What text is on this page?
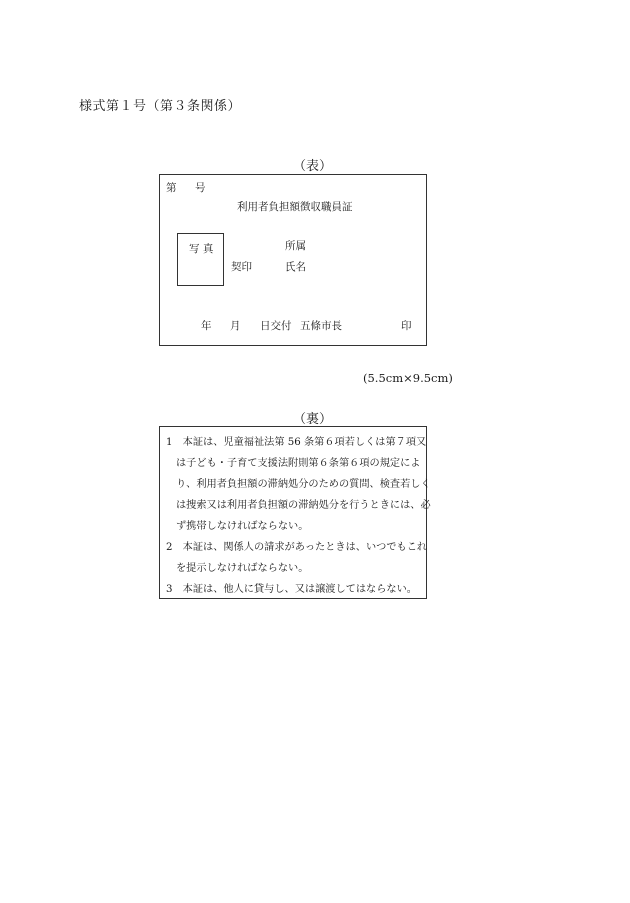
様式第１号（第３条関係）
（表）
第 号
利用者負担額徴収職員証
写 真
契印
所属
氏名
年 月 日交付 五條市長	印
(5.5cm×9.5cm)
（裏）
1　本証は、児童福祉法第 56 条第６項若しくは第７項又
は子ども・子育て支援法附則第６条第６項の規定によ
り、利用者負担額の滞納処分のための質問、検査若しく
は捜索又は利用者負担額の滞納処分を行うときには、必
ず携帯しなければならない。
2　本証は、関係人の請求があったときは、いつでもこれ
を提示しなければならない。
3　本証は、他人に貸与し、又は譲渡してはならない。
